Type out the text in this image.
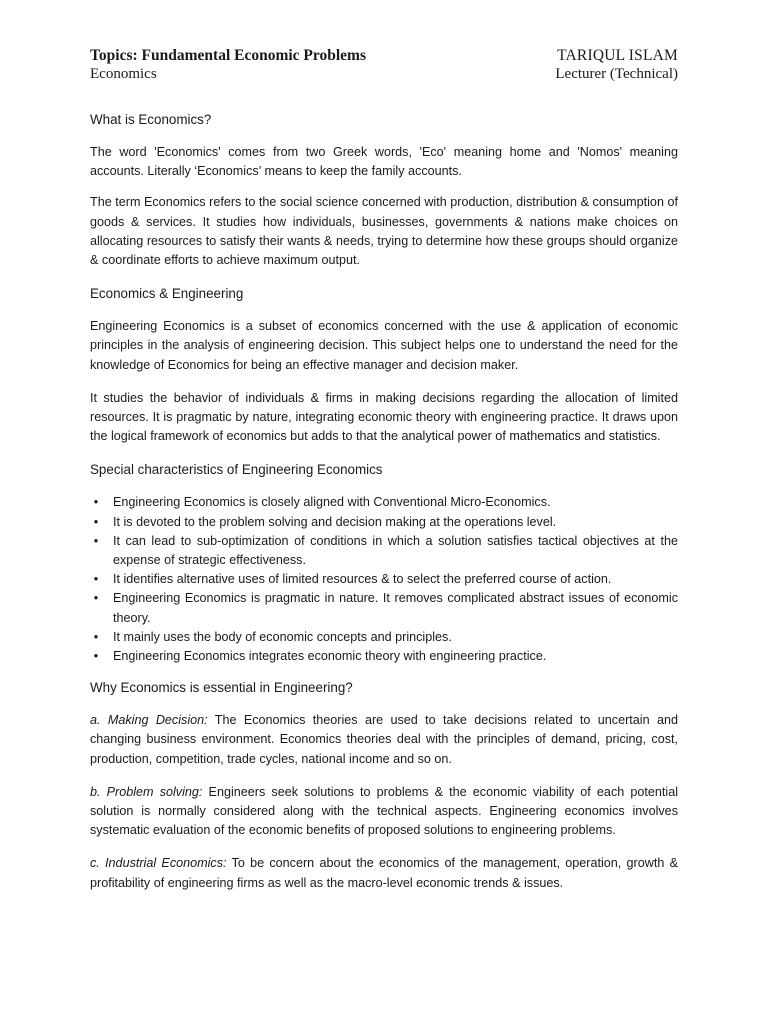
Topics: Fundamental Economic Problems	TARIQUL ISLAM
Economics	Lecturer (Technical)
What is Economics?

The word 'Economics' comes from two Greek words, 'Eco' meaning home and 'Nomos' meaning accounts. Literally ‘Economics’ means to keep the family accounts.

The term Economics refers to the social science concerned with production, distribution & consumption of goods & services. It studies how individuals, businesses, governments & nations make choices on allocating resources to satisfy their wants & needs, trying to determine how these groups should organize & coordinate efforts to achieve maximum output.

Economics & Engineering

Engineering Economics is a subset of economics concerned with the use & application of economic principles in the analysis of engineering decision. This subject helps one to understand the need for the knowledge of Economics for being an effective manager and decision maker.

It studies the behavior of individuals & firms in making decisions regarding the allocation of limited resources. It is pragmatic by nature, integrating economic theory with engineering practice. It draws upon the logical framework of economics but adds to that the analytical power of mathematics and statistics.

Special characteristics of Engineering Economics
•	Engineering Economics is closely aligned with Conventional Micro-Economics.
•	It is devoted to the problem solving and decision making at the operations level.
•	It can lead to sub-optimization of conditions in which a solution satisfies tactical objectives at the expense of strategic effectiveness.
•	It identifies alternative uses of limited resources & to select the preferred course of action.
•	Engineering Economics is pragmatic in nature. It removes complicated abstract issues of economic theory.
•	It mainly uses the body of economic concepts and principles.
•	Engineering Economics integrates economic theory with engineering practice.
Why Economics is essential in Engineering?

a. Making Decision: The Economics theories are used to take decisions related to uncertain and changing business environment. Economics theories deal with the principles of demand, pricing, cost, production, competition, trade cycles, national income and so on.

b. Problem solving: Engineers seek solutions to problems & the economic viability of each potential solution is normally considered along with the technical aspects. Engineering economics involves systematic evaluation of the economic benefits of proposed solutions to engineering problems.

c. Industrial Economics: To be concern about the economics of the management, operation, growth & profitability of engineering firms as well as the macro-level economic trends & issues.
